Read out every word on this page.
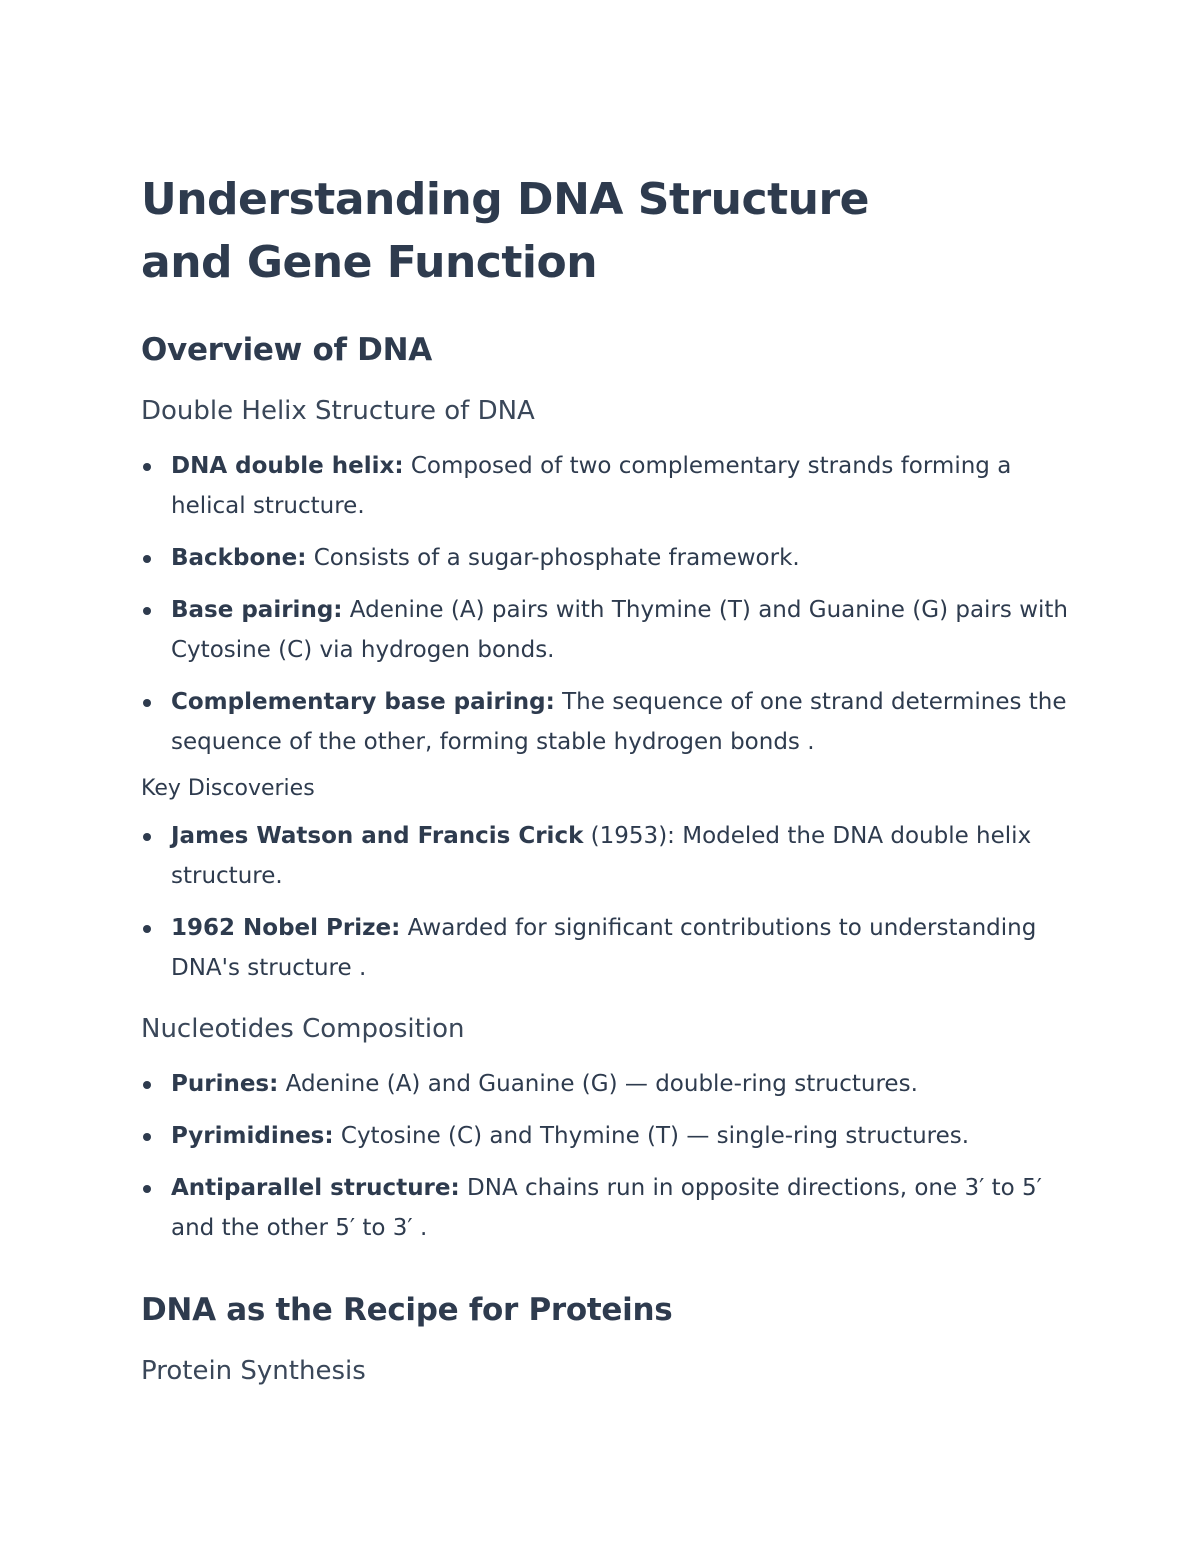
Understanding DNA Structure and Gene Function
Overview of DNA
Double Helix Structure of DNA
DNA double helix: Composed of two complementary strands forming a helical structure.
Backbone: Consists of a sugar-phosphate framework.
Base pairing: Adenine (A) pairs with Thymine (T) and Guanine (G) pairs with Cytosine (C) via hydrogen bonds.
Complementary base pairing: The sequence of one strand determines the sequence of the other, forming stable hydrogen bonds .
Key Discoveries
James Watson and Francis Crick (1953): Modeled the DNA double helix structure.
1962 Nobel Prize: Awarded for significant contributions to understanding DNA's structure .
Nucleotides Composition
Purines: Adenine (A) and Guanine (G) — double-ring structures.
Pyrimidines: Cytosine (C) and Thymine (T) — single-ring structures.
Antiparallel structure: DNA chains run in opposite directions, one 3′ to 5′ and the other 5′ to 3′ .
DNA as the Recipe for Proteins
Protein Synthesis
